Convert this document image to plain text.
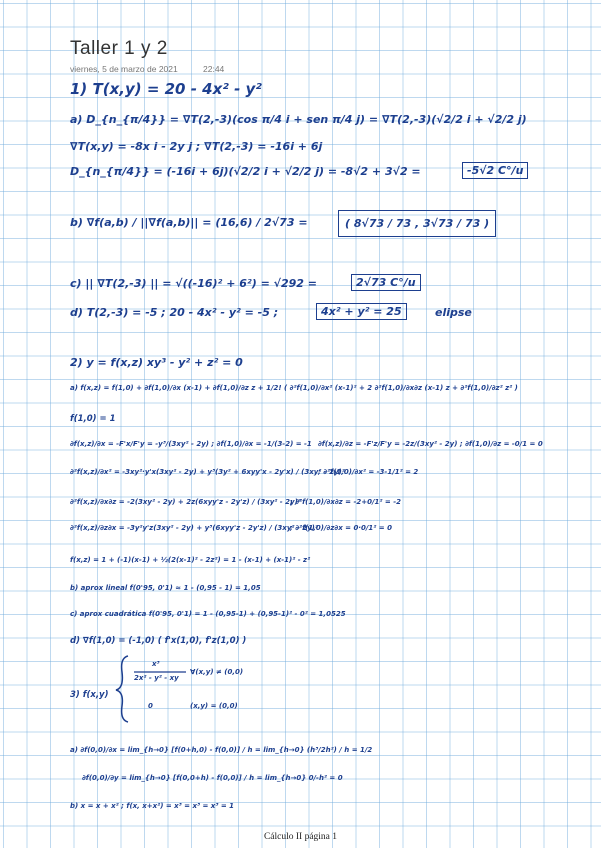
Taller 1 y 2
viernes, 5 de marzo de 2021	22:44
1) T(x,y) = 20 - 4x² - y²
a) D_{n_{π/4}} = ∇T(2,-3)(cos π/4 i + sen π/4 j) = ∇T(2,-3)(√2/2 i + √2/2 j)
∇T(x,y) = -8x i - 2y j ; ∇T(2,-3) = -16i + 6j
D_{n_{π/4}} = (-16i + 6j)(√2/2 i + √2/2 j) = -8√2 + 3√2 =	-5√2 C°/u
b) ∇f(a,b) / ||∇f(a,b)|| = (16,6) / 2√73 =	( 8√73 / 73 , 3√73 / 73 )
c) || ∇T(2,-3) || = √((-16)² + 6²) = √292 =	2√73 C°/u
d) T(2,-3) = -5 ; 20 - 4x² - y² = -5 ;	4x² + y² = 25	elipse
2) y = f(x,z) xy³ - y² + z² = 0
a) f(x,z) = f(1,0) + ∂f(1,0)/∂x (x-1) + ∂f(1,0)/∂z z + 1/2! ( ∂²f(1,0)/∂x² (x-1)² + 2 ∂²f(1,0)/∂x∂z (x-1) z + ∂²f(1,0)/∂z² z² )
f(1,0) = 1
∂f(x,z)/∂x = -F'x/F'y = -y³/(3xy² - 2y) ; ∂f(1,0)/∂x = -1/(3-2) = -1 ∂f(x,z)/∂z = -F'z/F'y = -2z/(3xy² - 2y) ; ∂f(1,0)/∂z = -0/1 = 0
∂²f(x,z)/∂x² = -3xy²·y'x(3xy² - 2y) + y³(3y² + 6xyy'x - 2y'x) / (3xy² - 2y)²
; ∂²f(1,0)/∂x² = -3-1/1² = 2
∂²f(x,z)/∂x∂z = -2(3xy² - 2y) + 2z(6xyy'z - 2y'z) / (3xy² - 2y)²
; ∂²f(1,0)/∂x∂z = -2+0/1² = -2
∂²f(x,z)/∂z∂x = -3y²y'z(3xy² - 2y) + y³(6xyy'z - 2y'z) / (3xy² - 2y)²
; ∂²f(1,0)/∂z∂x = 0·0/1² = 0
f(x,z) = 1 + (-1)(x-1) + ½(2(x-1)² - 2z²) = 1 - (x-1) + (x-1)² - z²
b) aprox lineal f(0'95, 0'1) ≈ 1 - (0,95 - 1) = 1,05
c) aprox cuadrática f(0'95, 0'1) = 1 - (0,95-1) + (0,95-1)² - 0² = 1,0525
d) ∇f(1,0) = (-1,0) ( f'x(1,0), f'z(1,0) )
3) f(x,y)
x³
2x² - y² - xy
∀(x,y) ≠ (0,0)
0	(x,y) = (0,0)
a) ∂f(0,0)/∂x = lim_{h→0} [f(0+h,0) - f(0,0)] / h = lim_{h→0} (h³/2h²) / h = 1/2
∂f(0,0)/∂y = lim_{h→0} [f(0,0+h) - f(0,0)] / h = lim_{h→0} 0/-h² = 0
b) x = x + x² ; f(x, x+x²) = x³ = x³ = x³ = 1
Cálculo II página 1
